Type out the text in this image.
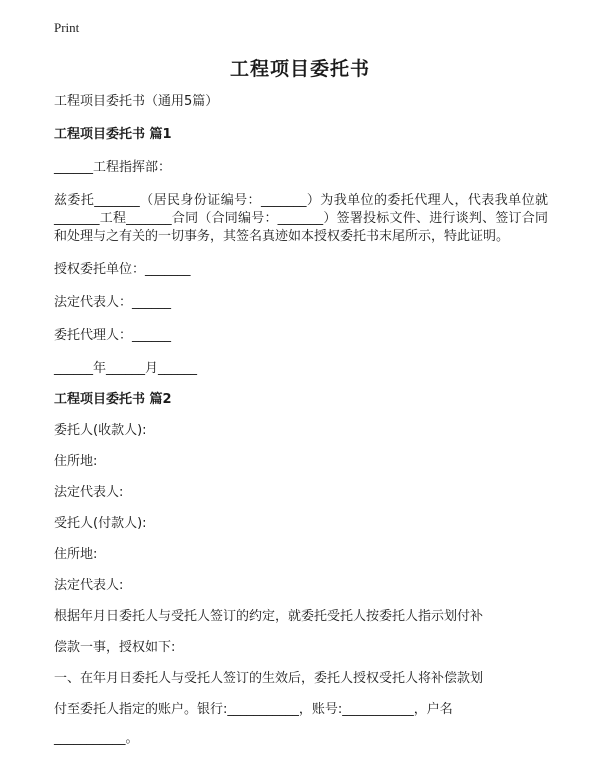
Print
工程项目委托书

工程项目委托书（通用5篇）

工程项目委托书 篇1

______工程指挥部：

兹委托_______（居民身份证编号：_______）为我单位的委托代理人，代表我单位就_______工程_______合同（合同编号：_______）签署投标文件、进行谈判、签订合同和处理与之有关的一切事务，其签名真迹如本授权委托书末尾所示，特此证明。

授权委托单位：_______

法定代表人：______

委托代理人：______

______年______月______

工程项目委托书 篇2

委托人(收款人):

住所地:

法定代表人:

受托人(付款人):

住所地:

法定代表人:

根据年月日委托人与受托人签订的约定，就委托受托人按委托人指示划付补

偿款一事，授权如下:

一、在年月日委托人与受托人签订的生效后，委托人授权受托人将补偿款划

付至委托人指定的账户。银行:___________，账号:___________，户名

___________。
